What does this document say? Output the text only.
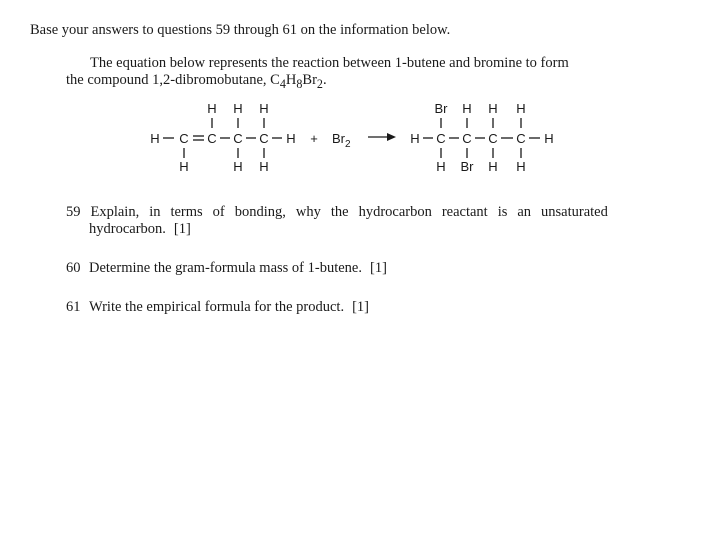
Base your answers to questions 59 through 61 on the information below.
The equation below represents the reaction between 1-butene and bromine to form
the compound 1,2-dibromobutane, $C_4H_8Br_2$.
H H H
H C C C C H
H	H H
+ $Br_2$
Br H H H
H C C C C H
H Br H H
59 Explain, in terms of bonding, why the hydrocarbon reactant is an unsaturated
hydrocarbon. [1]
60 Determine the gram-formula mass of 1-butene. [1]
61 Write the empirical formula for the product. [1]
